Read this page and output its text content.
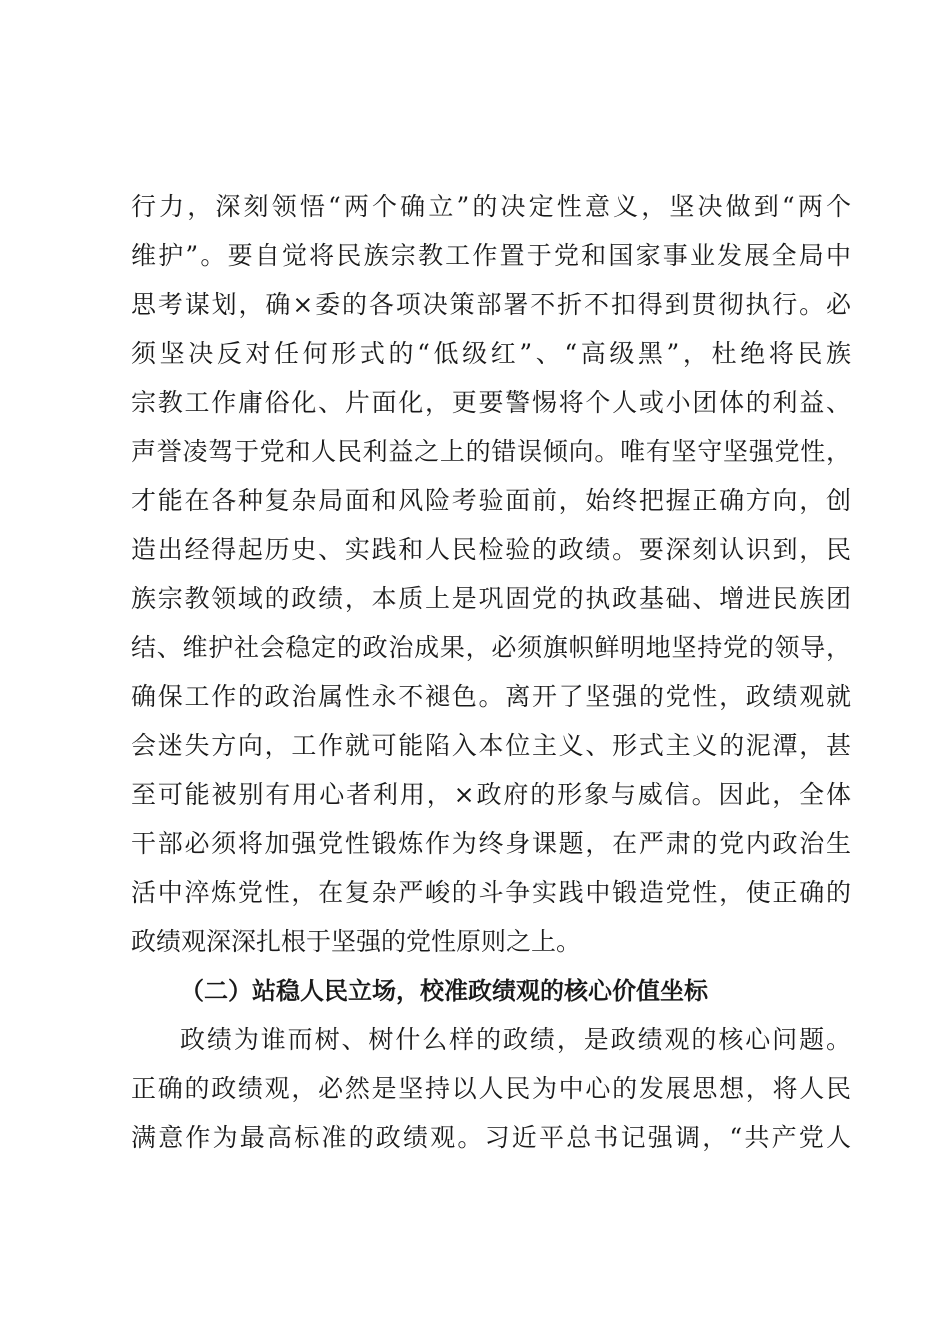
行力，深刻领悟“两个确立”的决定性意义，坚决做到“两个
维护”。要自觉将民族宗教工作置于党和国家事业发展全局中
思考谋划，确×委的各项决策部署不折不扣得到贯彻执行。必
须坚决反对任何形式的“低级红”、“高级黑”，杜绝将民族
宗教工作庸俗化、片面化，更要警惕将个人或小团体的利益、
声誉凌驾于党和人民利益之上的错误倾向。唯有坚守坚强党性，
才能在各种复杂局面和风险考验面前，始终把握正确方向，创
造出经得起历史、实践和人民检验的政绩。要深刻认识到，民
族宗教领域的政绩，本质上是巩固党的执政基础、增进民族团
结、维护社会稳定的政治成果，必须旗帜鲜明地坚持党的领导，
确保工作的政治属性永不褪色。离开了坚强的党性，政绩观就
会迷失方向，工作就可能陷入本位主义、形式主义的泥潭，甚
至可能被别有用心者利用，×政府的形象与威信。因此，全体
干部必须将加强党性锻炼作为终身课题，在严肃的党内政治生
活中淬炼党性，在复杂严峻的斗争实践中锻造党性，使正确的
政绩观深深扎根于坚强的党性原则之上。
（二）站稳人民立场，校准政绩观的核心价值坐标
政绩为谁而树、树什么样的政绩，是政绩观的核心问题。
正确的政绩观，必然是坚持以人民为中心的发展思想，将人民
满意作为最高标准的政绩观。习近平总书记强调，“共产党人
